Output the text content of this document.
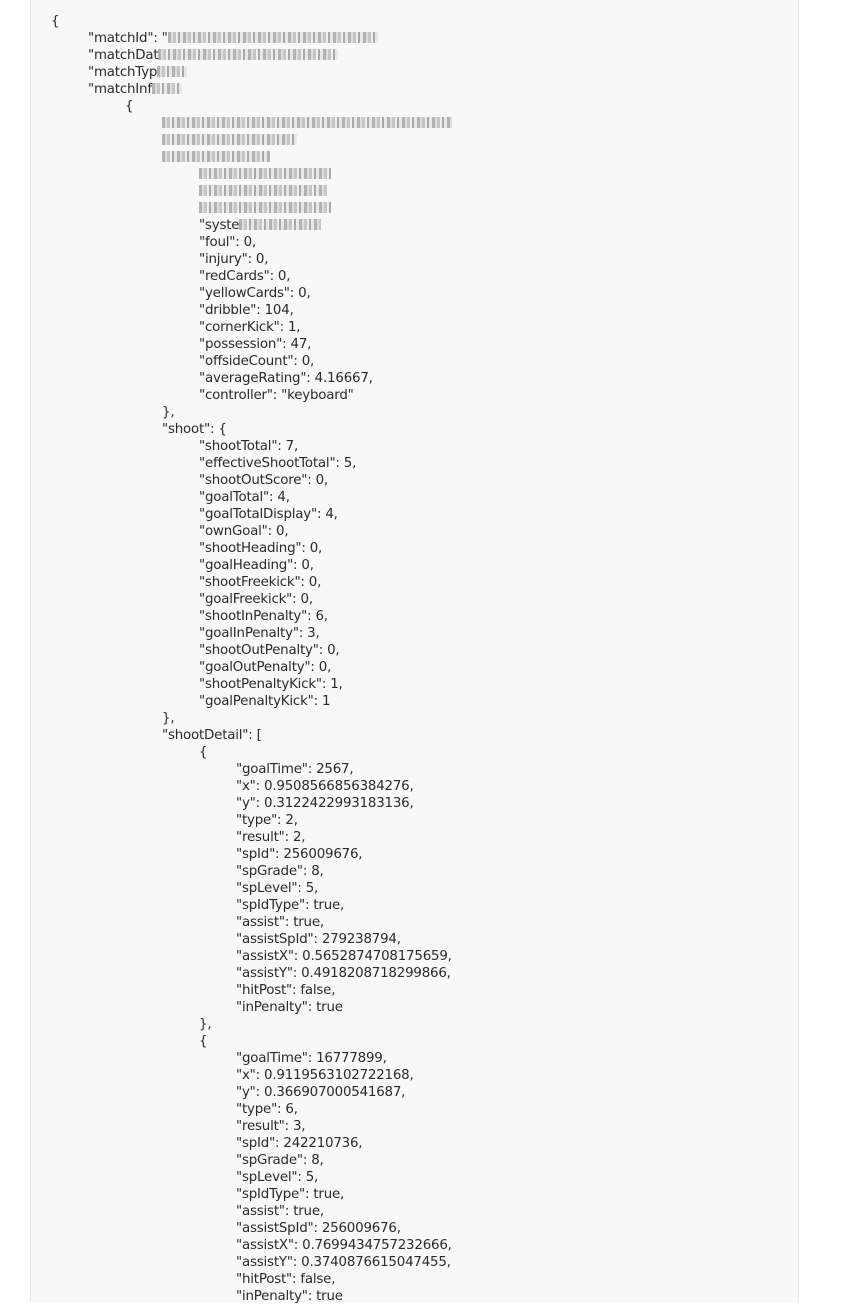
{
"matchId": "
"matchDat
"matchTyp
"matchInf
{
"syste
"foul": 0,
"injury": 0,
"redCards": 0,
"yellowCards": 0,
"dribble": 104,
"cornerKick": 1,
"possession": 47,
"offsideCount": 0,
"averageRating": 4.16667,
"controller": "keyboard"
},
"shoot": {
"shootTotal": 7,
"effectiveShootTotal": 5,
"shootOutScore": 0,
"goalTotal": 4,
"goalTotalDisplay": 4,
"ownGoal": 0,
"shootHeading": 0,
"goalHeading": 0,
"shootFreekick": 0,
"goalFreekick": 0,
"shootInPenalty": 6,
"goalInPenalty": 3,
"shootOutPenalty": 0,
"goalOutPenalty": 0,
"shootPenaltyKick": 1,
"goalPenaltyKick": 1
},
"shootDetail": [
{
"goalTime": 2567,
"x": 0.9508566856384276,
"y": 0.3122422993183136,
"type": 2,
"result": 2,
"spId": 256009676,
"spGrade": 8,
"spLevel": 5,
"spIdType": true,
"assist": true,
"assistSpId": 279238794,
"assistX": 0.5652874708175659,
"assistY": 0.4918208718299866,
"hitPost": false,
"inPenalty": true
},
{
"goalTime": 16777899,
"x": 0.9119563102722168,
"y": 0.366907000541687,
"type": 6,
"result": 3,
"spId": 242210736,
"spGrade": 8,
"spLevel": 5,
"spIdType": true,
"assist": true,
"assistSpId": 256009676,
"assistX": 0.7699434757232666,
"assistY": 0.3740876615047455,
"hitPost": false,
"inPenalty": true
